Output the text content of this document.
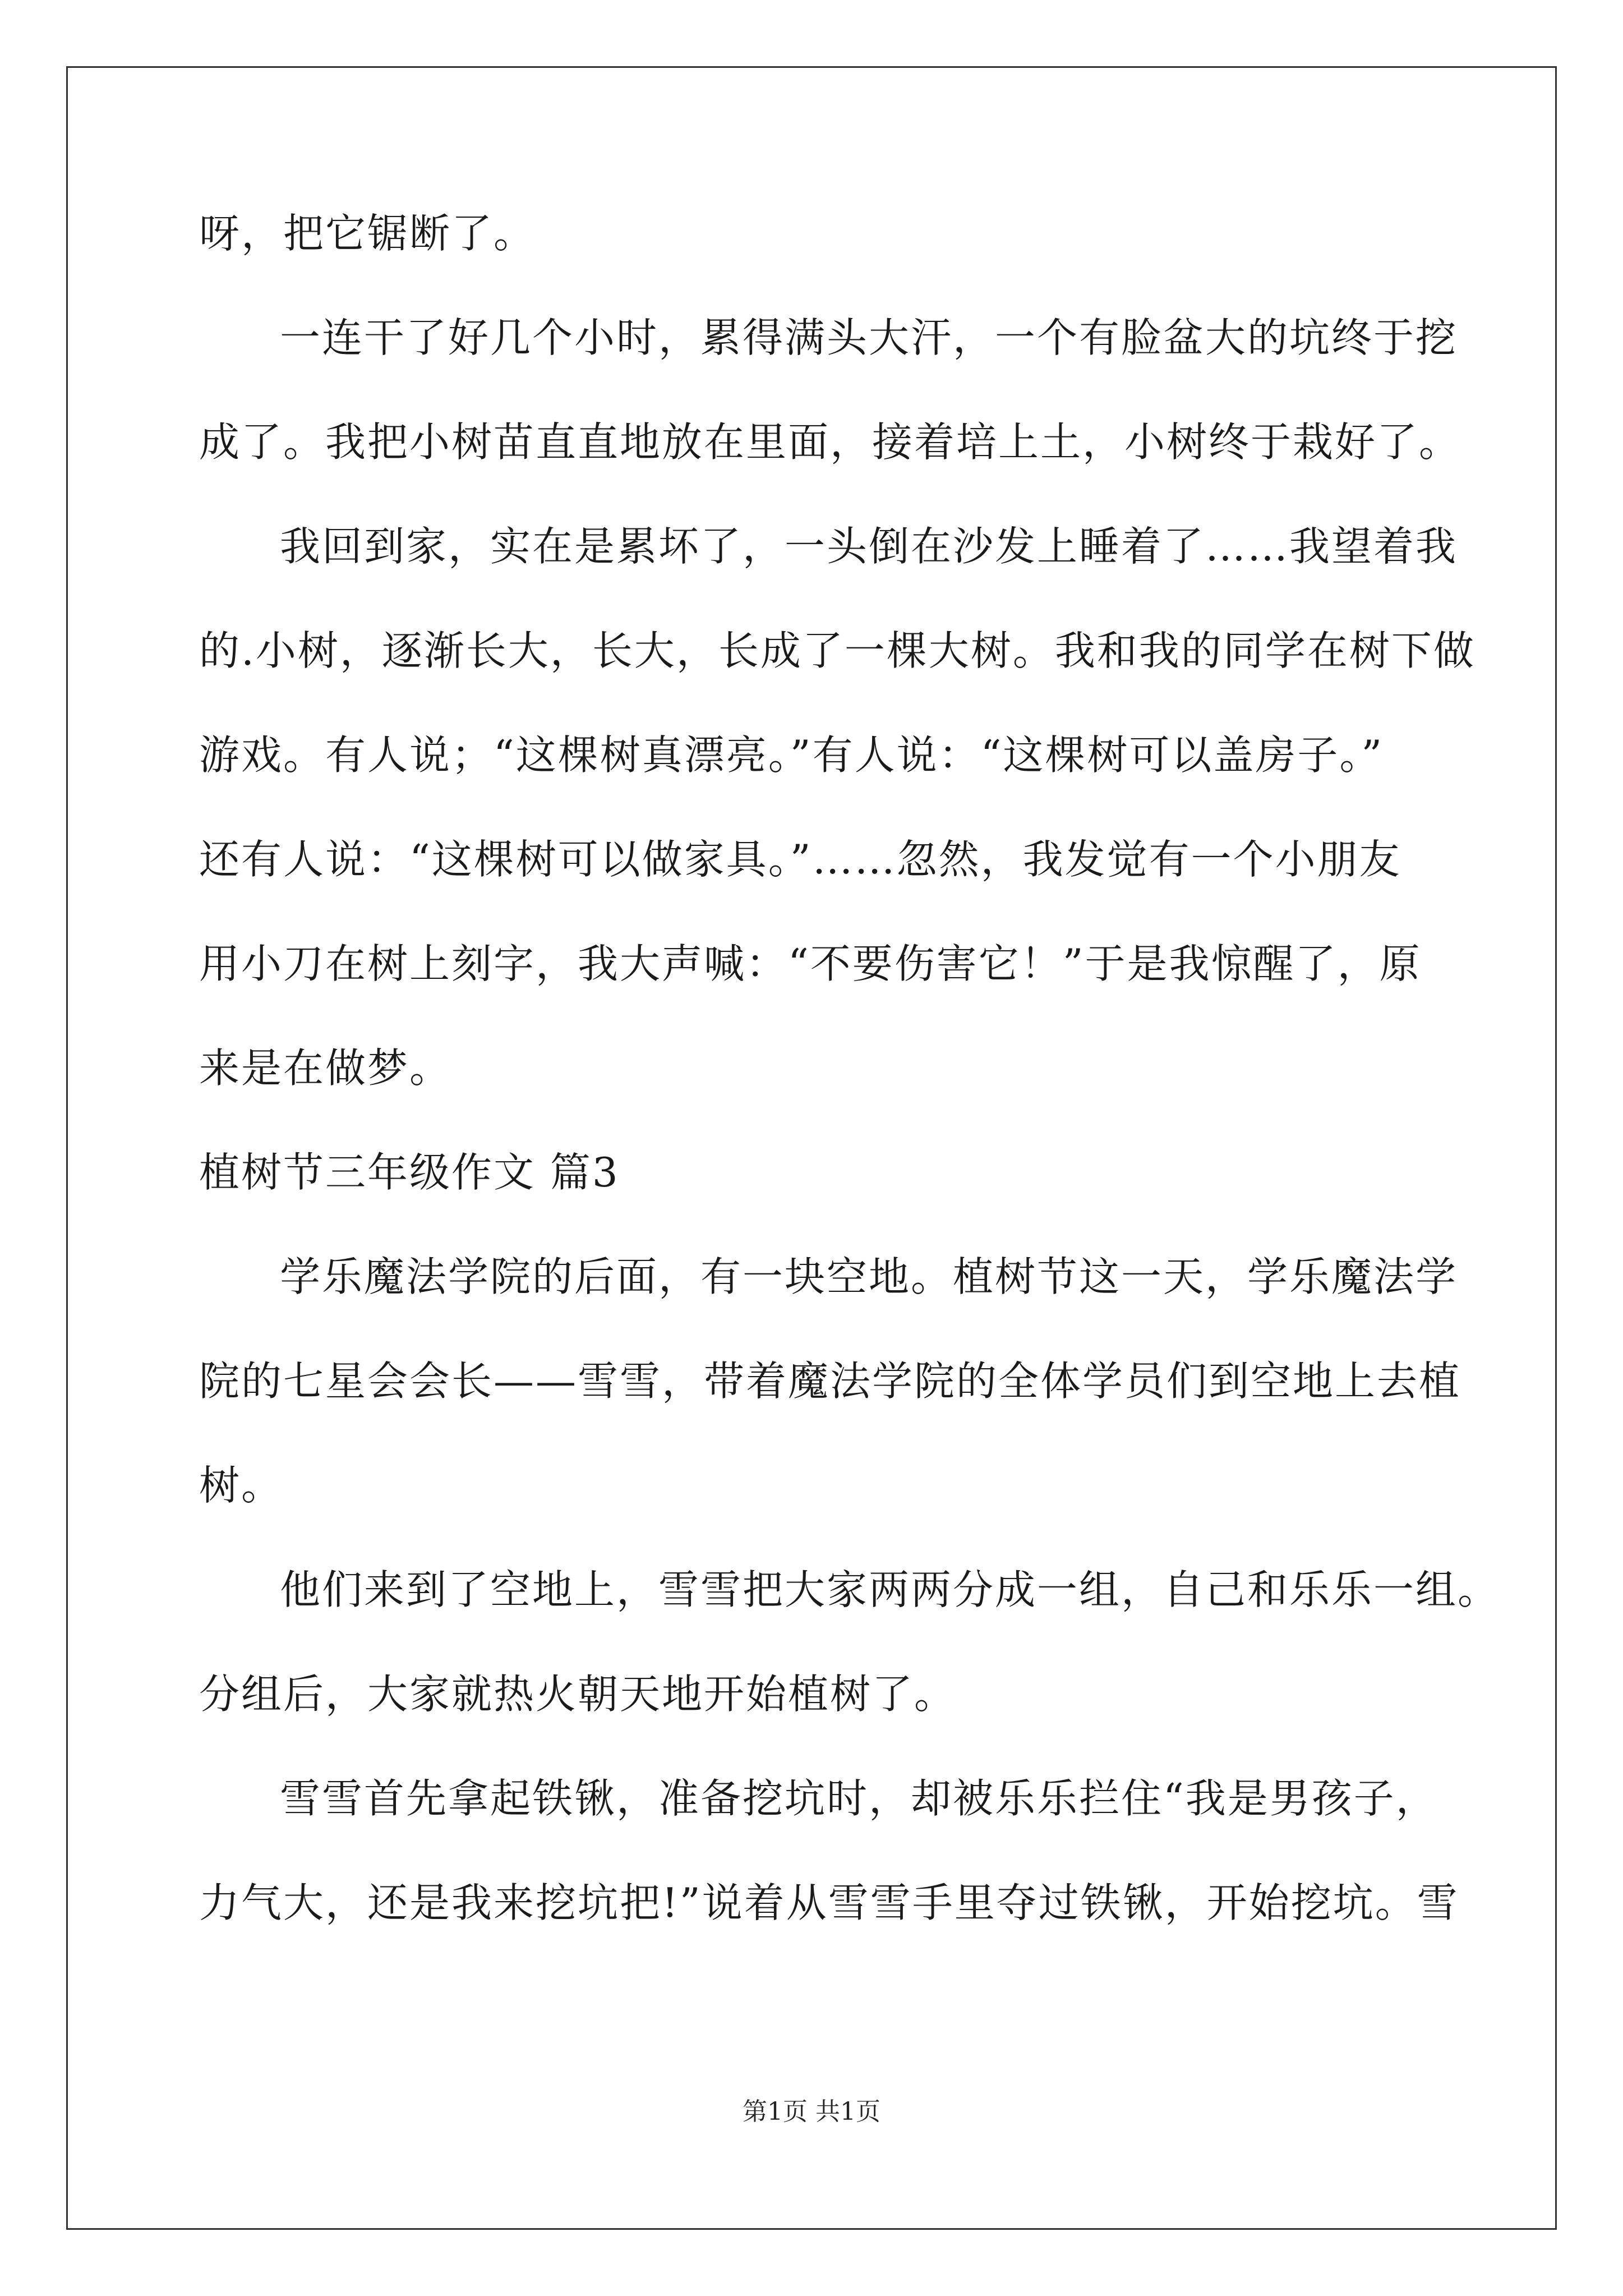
呀，把它锯断了。
一连干了好几个小时，累得满头大汗，一个有脸盆大的坑终于挖
成了。我把小树苗直直地放在里面，接着培上土，小树终于栽好了。
我回到家，实在是累坏了，一头倒在沙发上睡着了……我望着我
的.小树，逐渐长大，长大，长成了一棵大树。我和我的同学在树下做
游戏。有人说；“这棵树真漂亮。”有人说：“这棵树可以盖房子。”
还有人说：“这棵树可以做家具。”……忽然，我发觉有一个小朋友
用小刀在树上刻字，我大声喊：“不要伤害它！”于是我惊醒了，原
来是在做梦。
植树节三年级作文 篇3
学乐魔法学院的后面，有一块空地。植树节这一天，学乐魔法学
院的七星会会长——雪雪，带着魔法学院的全体学员们到空地上去植
树。
他们来到了空地上，雪雪把大家两两分成一组，自己和乐乐一组。
分组后，大家就热火朝天地开始植树了。
雪雪首先拿起铁锹，准备挖坑时，却被乐乐拦住“我是男孩子，
力气大，还是我来挖坑把!”说着从雪雪手里夺过铁锹，开始挖坑。雪
第1页 共1页
